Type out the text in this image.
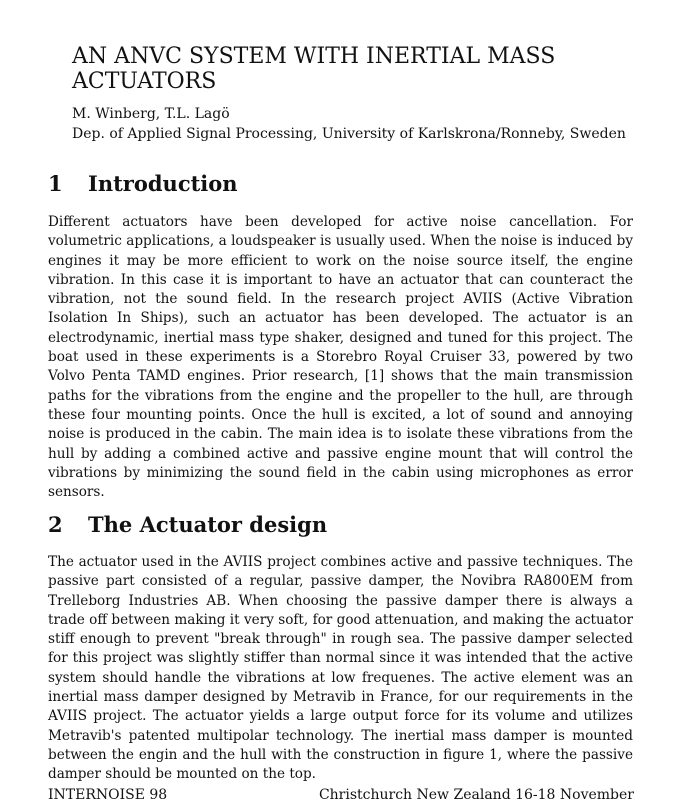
AN ANVC SYSTEM WITH INERTIAL MASS ACTUATORS

M. Winberg, T.L. Lagö

Dep. of Applied Signal Processing, University of Karlskrona/Ronneby, Sweden

1 Introduction

Different actuators have been developed for active noise cancellation. For volumetric applications, a loudspeaker is usually used. When the noise is induced by engines it may be more efficient to work on the noise source itself, the engine vibration. In this case it is important to have an actuator that can counteract the vibration, not the sound field. In the research project AVIIS (Active Vibration Isolation In Ships), such an actuator has been developed. The actuator is an electrodynamic, inertial mass type shaker, designed and tuned for this project. The boat used in these experiments is a Storebro Royal Cruiser 33, powered by two Volvo Penta TAMD engines. Prior research, [1] shows that the main transmission paths for the vibrations from the engine and the propeller to the hull, are through these four mounting points. Once the hull is excited, a lot of sound and annoying noise is produced in the cabin. The main idea is to isolate these vibrations from the hull by adding a combined active and passive engine mount that will control the vibrations by minimizing the sound field in the cabin using microphones as error sensors.

2 The Actuator design

The actuator used in the AVIIS project combines active and passive techniques. The passive part consisted of a regular, passive damper, the Novibra RA800EM from Trelleborg Industries AB. When choosing the passive damper there is always a trade off between making it very soft, for good attenuation, and making the actuator stiff enough to prevent "break through" in rough sea. The passive damper selected for this project was slightly stiffer than normal since it was intended that the active system should handle the vibrations at low frequenes. The active element was an inertial mass damper designed by Metravib in France, for our requirements in the AVIIS project. The actuator yields a large output force for its volume and utilizes Metravib's patented multipolar technology. The inertial mass damper is mounted between the engin and the hull with the construction in figure 1, where the passive damper should be mounted on the top.

INTERNOISE 98	Christchurch New Zealand 16-18 November
